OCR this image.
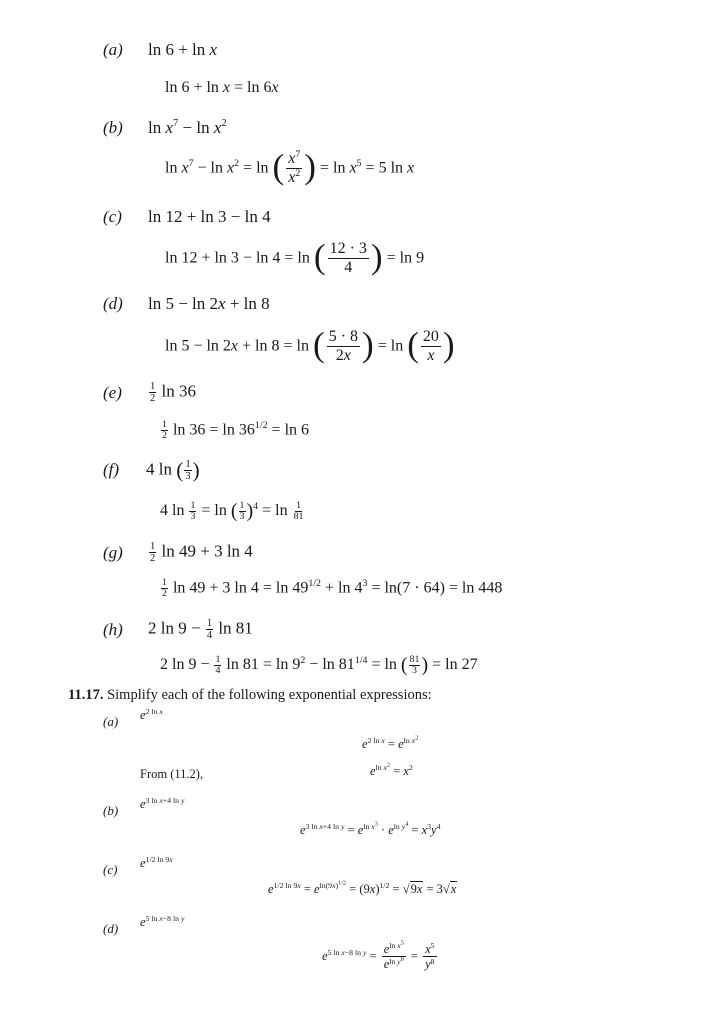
(a) ln 6 + ln x
ln 6 + ln x = ln 6x
(b) $\ln x^7 - \ln x^2$
$\ln x^7 - \ln x^2 = \ln$ ( $\frac{x^7}{x^2}$ ) = $\ln x^5 = 5$ ln x
(c) ln 12 + ln 3 − ln 4
ln 12 + ln 3 − ln 4 = ln ( $\frac{12 \cdot 3}{4}$ ) = ln 9
(d) ln 5 − ln 2x + ln 8
ln 5 − ln 2x + ln 8 = ln ( $\frac{5 \cdot 8}{2x}$ ) = ln ( $\frac{20}{x}$ )
(e)	$\frac{1}{2}$ ln 36
$\frac{1}{2}$ $\ln 36 = \ln 36^{1/2} = \ln 6$
(f) 4 ln ( $\frac{1}{3}$ )
4 $\ln \frac{1}{3} = \ln$ ( $\frac{1}{3} )^4 = \ln \frac{1}{81}$
$(g) \frac{1}{2}$ ln 49 + 3 ln 4
$\frac{1}{2}$ ln 49 + 3 $\ln 4 = \ln 49^{1/2} + \ln 4^3 = \ln(7 \cdot 64) = \ln 448$
(h) 2 $\ln 9 - \frac{1}{4}$ ln 81
2 $\ln 9 - \frac{1}{4}$ $\ln 81 = \ln 9^2 - \ln 81^{1/4} = \ln$ ( $\frac{81}{3}$ ) = ln 27
11.17. Simplify each of the following exponential expressions:
(a) $e^{2 ln x}$
$e^{2 ln x} = e^{ln x^2}$
From (11.2),	$e^{ln x^2} = x^2$
(b) $e^{3 ln x+4 ln y}$
$e^{3 ln x+4 ln y} = e^{ln x^3} \cdot e^{ln y^4} = x^3y^4$
(c) $e^{1/2 ln 9x}$
$e^{1/2 ln 9x} = e^{ln(9x)^{1/2}} = (9x)^{1/2} = √9x = 3√x$
(d) $e^{5 ln x-8 ln y}$
$e^{5 ln x-8 ln y} = \frac{e^{ln x^5}}{e^{ln y^8}} = \frac{x^5}{y^8}$
